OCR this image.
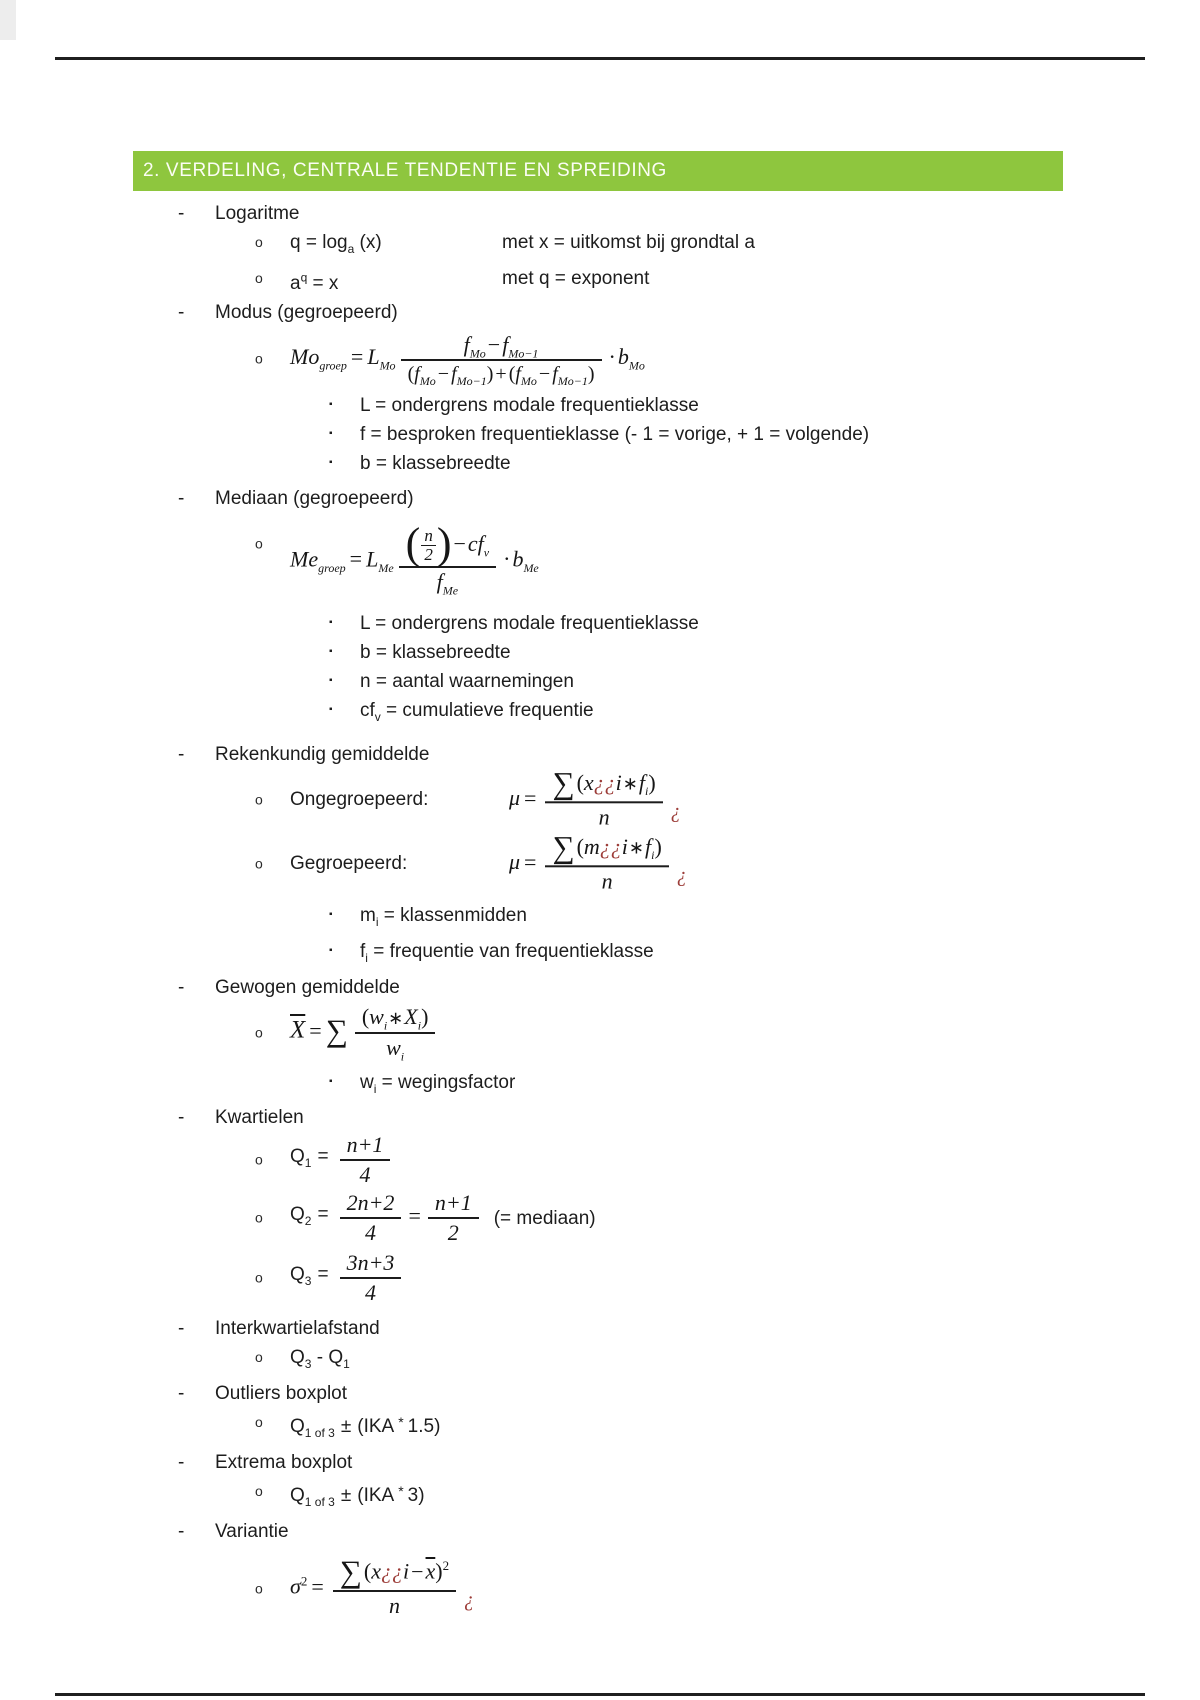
2. VERDELING, CENTRALE TENDENTIE EN SPREIDING
- Logaritme
o $q = \log_a (x)$	met x = uitkomst bij grondtal a
o $a^q = x$	met q = exponent
- Modus (gegroepeerd)
o $Mo_{groep} = L_{Mo} \frac{f_{Mo}-f_{Mo-1}}{(f_{Mo} - f_{Mo-1}) + (f_{Mo} - f_{Mo-1})} \cdot b_{Mo}$
▪ L = ondergrens modale frequentieklasse
▪ f = besproken frequentieklasse (- 1 = vorige, + 1 = volgende)
▪ b = klassebreedte
- Mediaan (gegroepeerd)
o
$Me_{groep} = L_{Me} \frac{( \frac{n}{2} )-cf_v}{f_{Me}} \cdot b_{Me}$
▪ L = ondergrens modale frequentieklasse
▪ b = klassebreedte
▪ n = aantal waarnemingen
▪ $cf_v$ = cumulatieve frequentie
- Rekenkundig gemiddelde
o Ongegroepeerd:	$\mu = \frac{\sum(x¿¿i∗f_i)}{n}$ ¿
o Gegroepeerd:	$\mu = \frac{\sum(m¿¿i∗f_i)}{n}$ ¿
▪ $m_i$ = klassenmidden
▪ $f_i$ = frequentie van frequentieklasse
- Gewogen gemiddelde
o $\overline{X}$ = ∑ $\frac{(w_i∗X_i)}{w_i}$
▪ $w_i$ = wegingsfactor
- Kwartielen
o $Q_1 = \frac{n+1}{4}$
o $Q_2 = \frac{2n+2}{4} = \frac{n+1}{2}$ (= mediaan)
o $Q_3 = \frac{3n+3}{4}$
- Interkwartielafstand
o $Q_3 - Q_1$
- Outliers boxplot
o $Q_{1 of 3} \pm (IKA$ * 1.5)
- Extrema boxplot
o $Q_{1 of 3} \pm (IKA$ * 3)
- Variantie
o $\sigma^2 = \frac{\sum(x¿¿i-\overline{x})^2}{n}$ ¿
